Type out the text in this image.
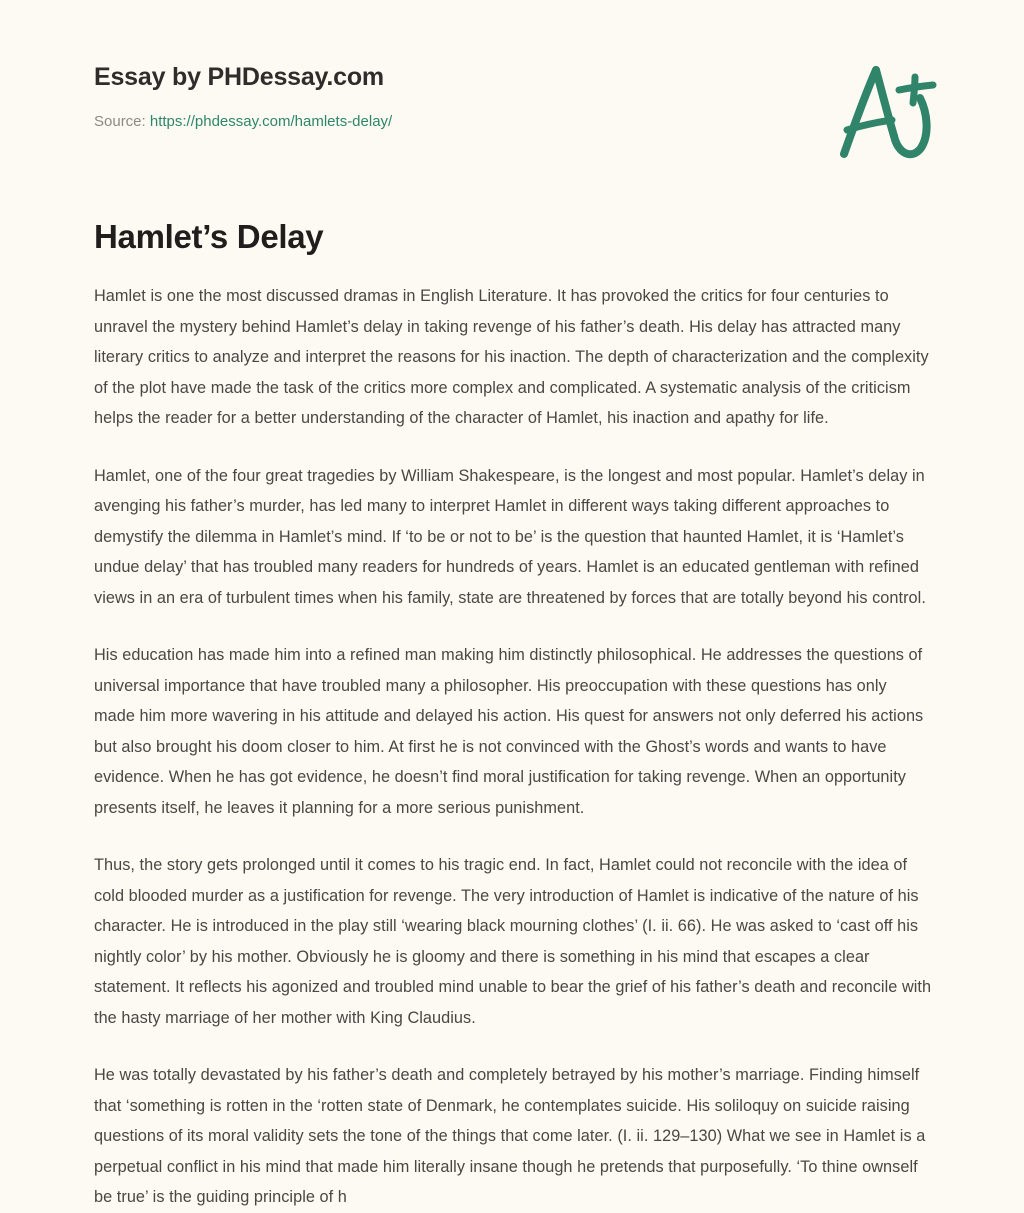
Essay by PHDessay.com
Source: https://phdessay.com/hamlets-delay/
Hamlet’s Delay

Hamlet is one the most discussed dramas in English Literature. It has provoked the critics for four centuries to unravel the mystery behind Hamlet’s delay in taking revenge of his father’s death. His delay has attracted many literary critics to analyze and interpret the reasons for his inaction. The depth of characterization and the complexity of the plot have made the task of the critics more complex and complicated. A systematic analysis of the criticism helps the reader for a better understanding of the character of Hamlet, his inaction and apathy for life.

Hamlet, one of the four great tragedies by William Shakespeare, is the longest and most popular. Hamlet’s delay in avenging his father’s murder, has led many to interpret Hamlet in different ways taking different approaches to demystify the dilemma in Hamlet’s mind. If ‘to be or not to be’ is the question that haunted Hamlet, it is ‘Hamlet’s undue delay’ that has troubled many readers for hundreds of years. Hamlet is an educated gentleman with refined views in an era of turbulent times when his family, state are threatened by forces that are totally beyond his control.

His education has made him into a refined man making him distinctly philosophical. He addresses the questions of universal importance that have troubled many a philosopher. His preoccupation with these questions has only made him more wavering in his attitude and delayed his action. His quest for answers not only deferred his actions but also brought his doom closer to him. At first he is not convinced with the Ghost’s words and wants to have evidence. When he has got evidence, he doesn’t find moral justification for taking revenge. When an opportunity presents itself, he leaves it planning for a more serious punishment.

Thus, the story gets prolonged until it comes to his tragic end. In fact, Hamlet could not reconcile with the idea of cold blooded murder as a justification for revenge. The very introduction of Hamlet is indicative of the nature of his character. He is introduced in the play still ‘wearing black mourning clothes’ (I. ii. 66). He was asked to ‘cast off his nightly color’ by his mother. Obviously he is gloomy and there is something in his mind that escapes a clear statement. It reflects his agonized and troubled mind unable to bear the grief of his father’s death and reconcile with the hasty marriage of her mother with King Claudius.

He was totally devastated by his father’s death and completely betrayed by his mother’s marriage. Finding himself that ‘something is rotten in the ‘rotten state of Denmark, he contemplates suicide. His soliloquy on suicide raising questions of its moral validity sets the tone of the things that come later. (I. ii. 129–130) What we see in Hamlet is a perpetual conflict in his mind that made him literally insane though he pretends that purposefully. ‘To thine ownself be true’ is the guiding principle of h
